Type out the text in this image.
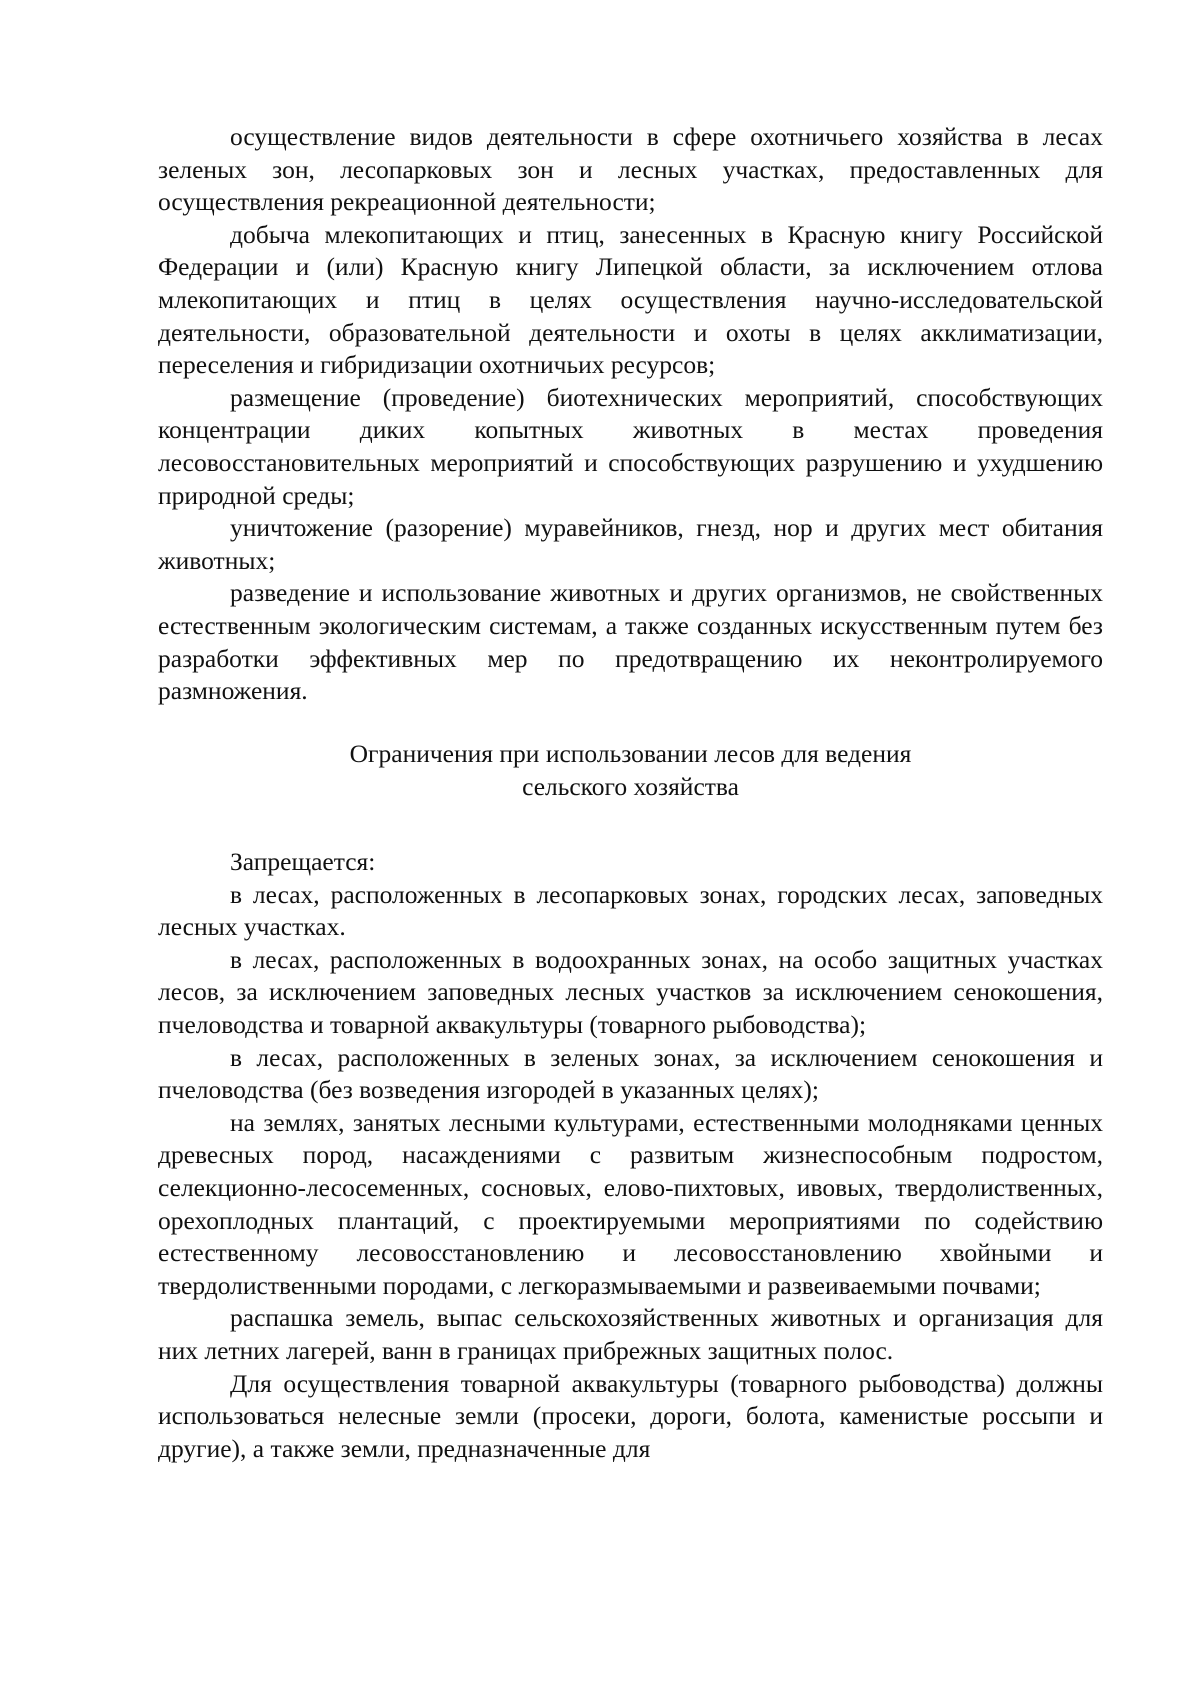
осуществление видов деятельности в сфере охотничьего хозяйства в лесах зеленых зон, лесопарковых зон и лесных участках, предоставленных для осуществления рекреационной деятельности;

добыча млекопитающих и птиц, занесенных в Красную книгу Российской Федерации и (или) Красную книгу Липецкой области, за исключением отлова млекопитающих и птиц в целях осуществления научно-исследовательской деятельности, образовательной деятельности и охоты в целях акклиматизации, переселения и гибридизации охотничьих ресурсов;

размещение (проведение) биотехнических мероприятий, способствующих концентрации диких копытных животных в местах проведения лесовосстановительных мероприятий и способствующих разрушению и ухудшению природной среды;

уничтожение (разорение) муравейников, гнезд, нор и других мест обитания животных;

разведение и использование животных и других организмов, не свойственных естественным экологическим системам, а также созданных искусственным путем без разработки эффективных мер по предотвращению их неконтролируемого размножения.

Ограничения при использовании лесов для ведения
сельского хозяйства

Запрещается:

в лесах, расположенных в лесопарковых зонах, городских лесах, заповедных лесных участках.

в лесах, расположенных в водоохранных зонах, на особо защитных участках лесов, за исключением заповедных лесных участков за исключением сенокошения, пчеловодства и товарной аквакультуры (товарного рыбоводства);

в лесах, расположенных в зеленых зонах, за исключением сенокошения и пчеловодства (без возведения изгородей в указанных целях);

на землях, занятых лесными культурами, естественными молодняками ценных древесных пород, насаждениями с развитым жизнеспособным подростом, селекционно-лесосеменных, сосновых, елово-пихтовых, ивовых, твердолиственных, орехоплодных плантаций, с проектируемыми мероприятиями по содействию естественному лесовосстановлению и лесовосстановлению хвойными и твердолиственными породами, с легкоразмываемыми и развеиваемыми почвами;

распашка земель, выпас сельскохозяйственных животных и организация для них летних лагерей, ванн в границах прибрежных защитных полос.

Для осуществления товарной аквакультуры (товарного рыбоводства) должны использоваться нелесные земли (просеки, дороги, болота, каменистые россыпи и другие), а также земли, предназначенные для
